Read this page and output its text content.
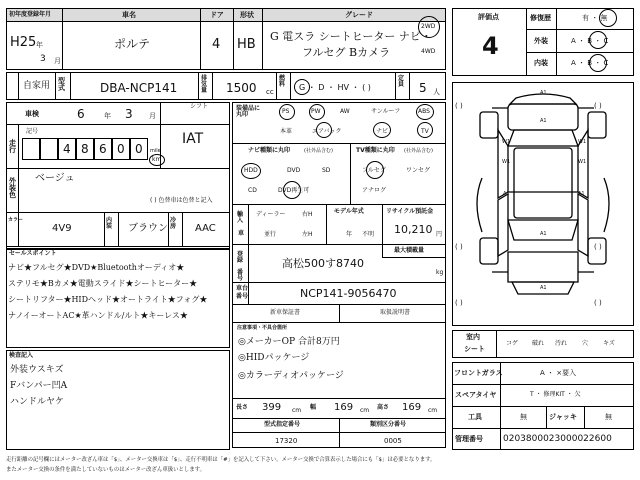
初年度登録年月	車名	ドア 形状	グレード
H25 年
3 月
ポルテ	4 HB
G 電スラ シートヒーター ナビ・
フルセグ Bカメラ
2WD
4WD
自家用 型式	DBA-NCP141
排気量	1500 cc
燃料	G ・ D ・ HV ・ ( )
定員	5 人
車検	6	年 3 月
シフト
IAT
走行
記号
4 8 6 0 0 mile
km
外装色
ベージュ
( ) 色替車は色替と記入
カラー
4V9
内装	ブラウン
冷房	AAC
セールスポイント
ナビ★フルセグ★DVD★Bluetoothオーディオ★
ステリモ★Bカメ★電動スライド★シートヒーター★
シートリフター★HIDヘッド★オートライト★フォグ★
ナノイーオートAC★革ハンドル/ルト★キーレス★
検査記入
外装ウスキズ
Fバンパー凹A
ハンドルヤケ
走行距離の記号欄にはメーター改ざん車は「$」、メーター交換車は「$」、走行不明車は「#」を記入して下さい。メーター交換で合算表示した場合にも「$」は必要となります。
またメーター交換の条件を満たしていないものはメーター改ざん車扱いとします。
装備品に丸印	PS	PW	AW	サンルーフ	ABS
本革	エアバック	ナビ	TV
ナビ種類に丸印	(社外品含む)
HDD	DVD	SD
CD	DVD再生可
TV種類に丸印 (社外品含む)
フルセグ	ワンセグ
アナログ
輸入
車
ディーラー
並行
右H
左H
モデル年式
年 不明
リサイクル預託金
10,210 円
登録
番号
最大積載量
kg
高松500す8740
車台
番号	NCP141-9056470
新車保証書	取扱説明書
注意事項・不具合箇所
◎メーカーOP 合計8万円
◎HIDパッケージ
◎カラーディオパッケージ
長さ 399 cm 幅 169 cm 高さ 169 cm
型式指定番号
17320
類別区分番号
0005
評価点
4
修復歴	有 ・ 無
外装	A ・ B ・ C
内装	A ・ B ・ C
A1
A1
W1	W1
W1	W1
A1	A1
A1
A1
( )	( )
( )	( )
( )	( )
室内
シート
コゲ 破れ 汚れ 穴 キズ
フロントガラス	A ・ ×要入
スペアタイヤ	T ・ 修理KIT ・ 欠
工具	無	ジャッキ	無
管理番号 0203800023000022600
